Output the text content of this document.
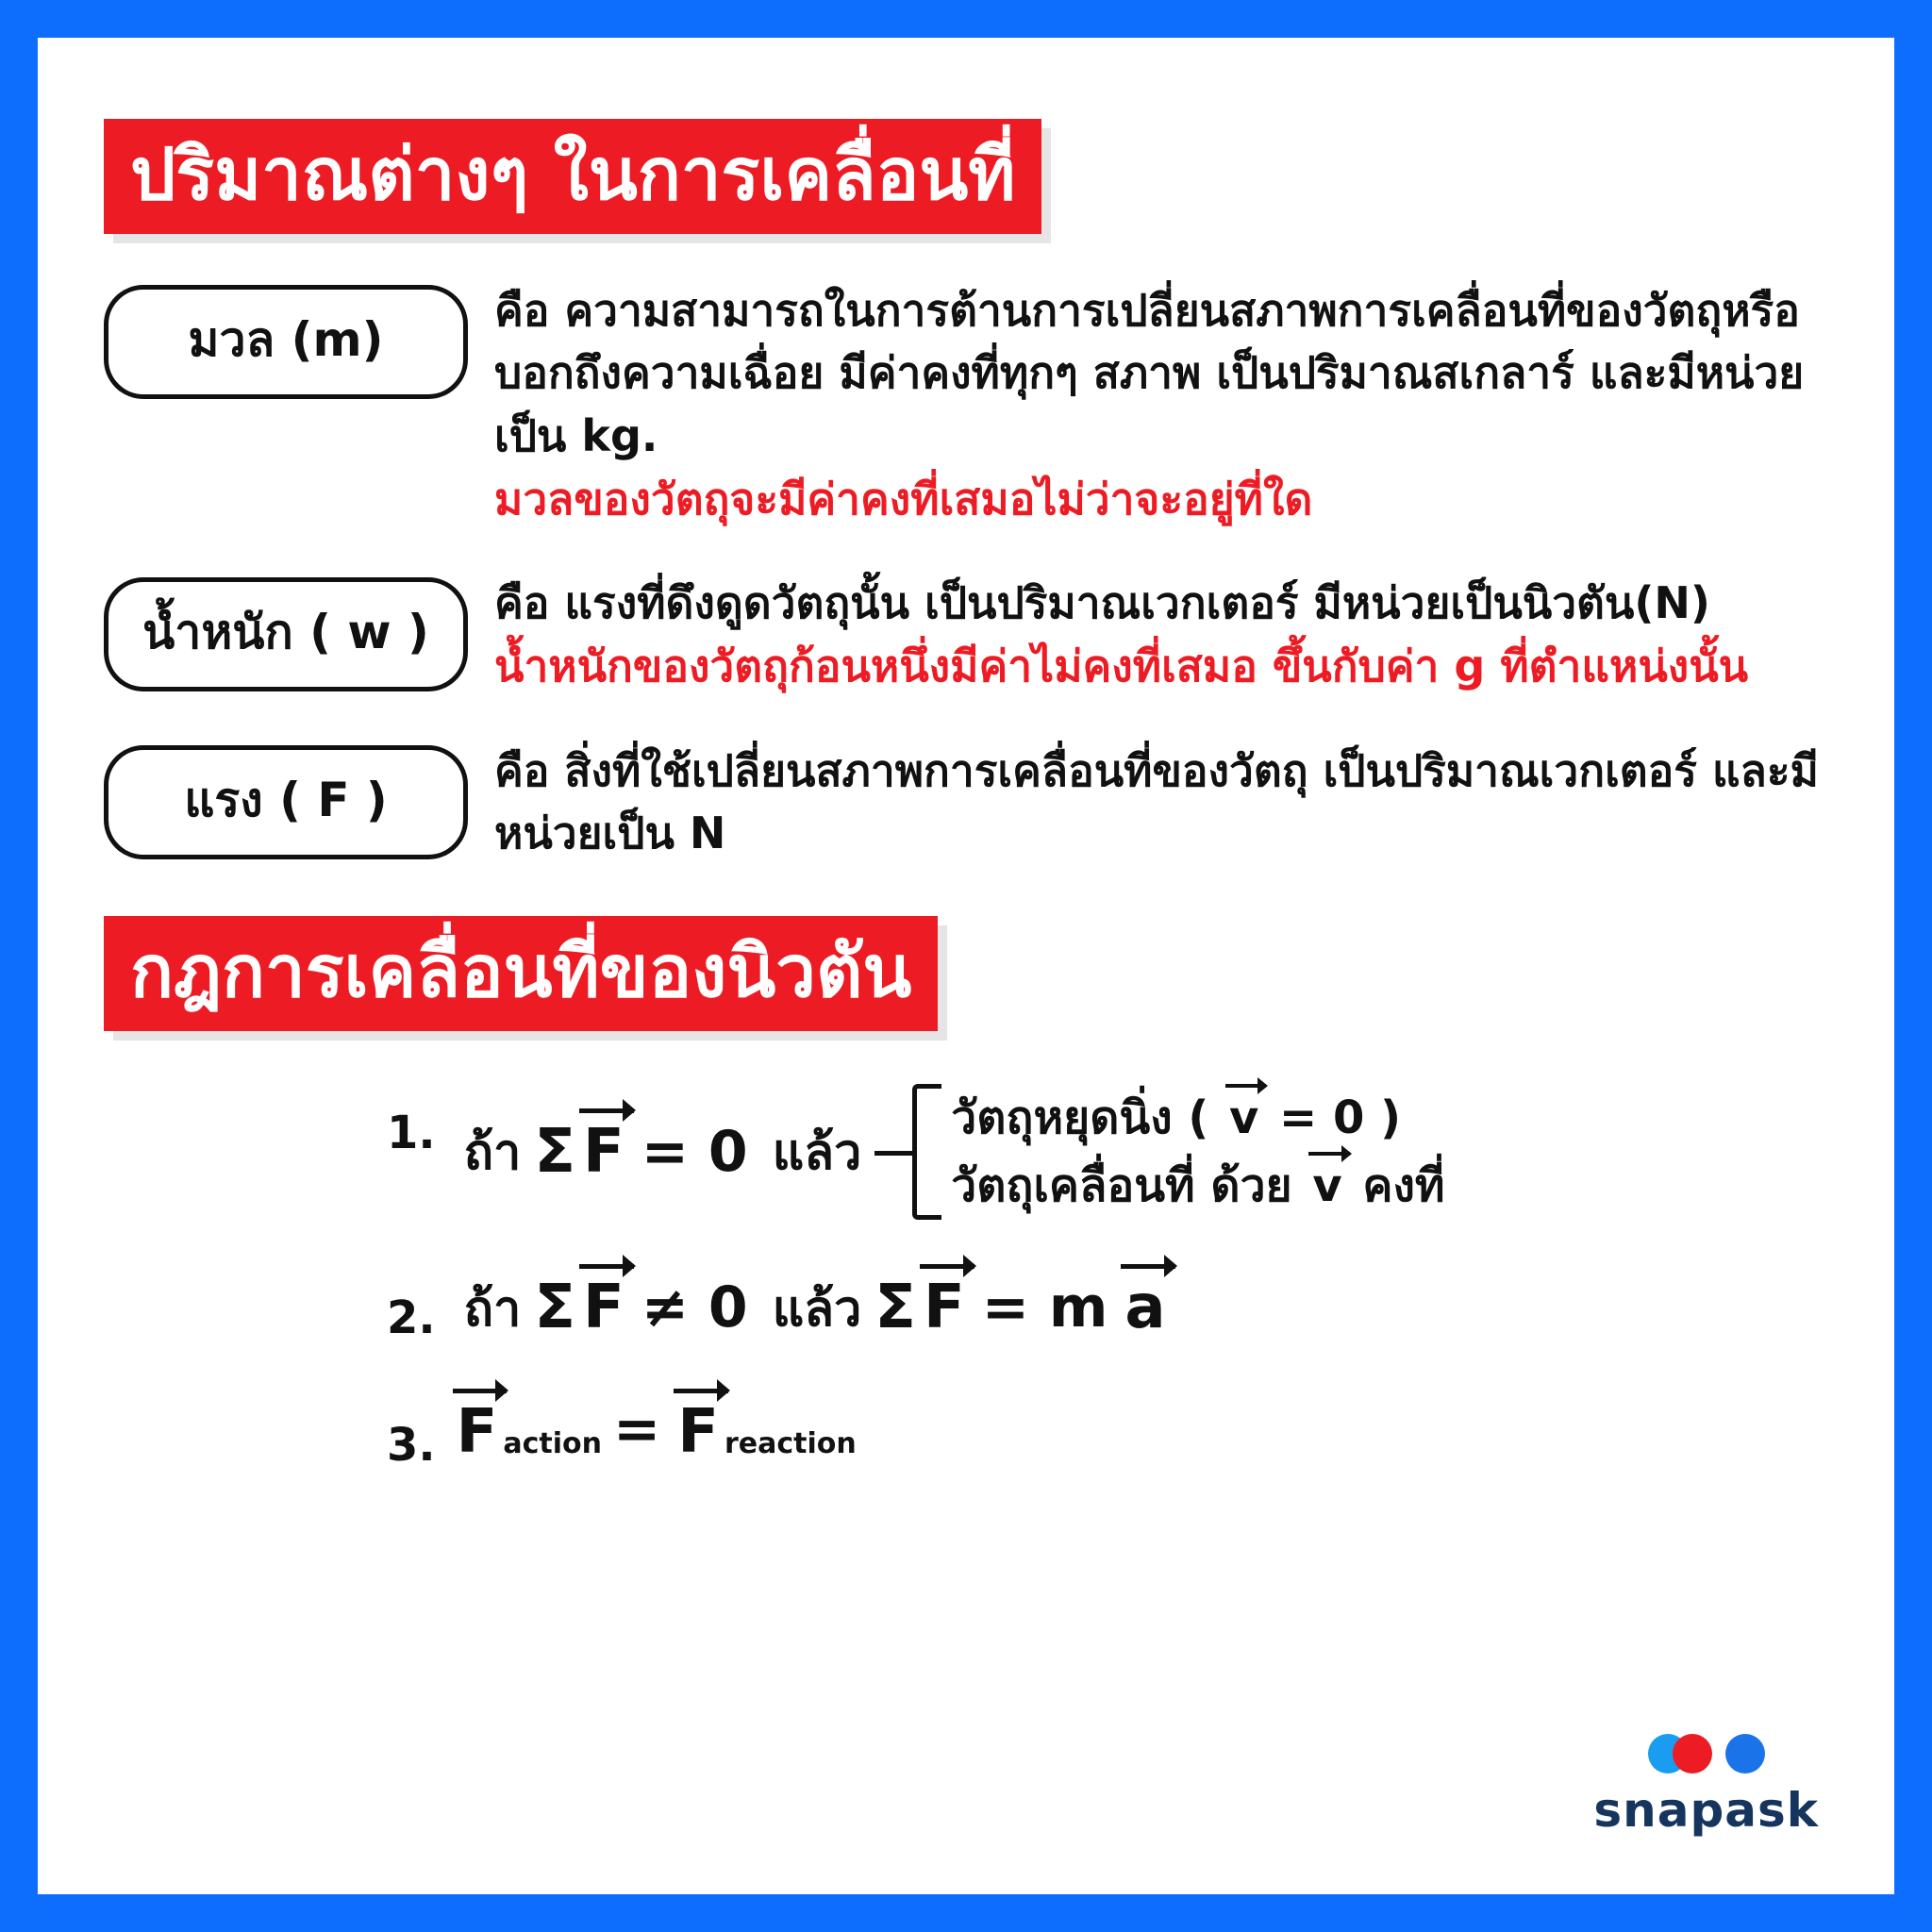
ปริมาณต่างๆ ในการเคลื่อนที่
มวล (m)
คือ ความสามารถในการต้านการเปลี่ยนสภาพการเคลื่อนที่ของวัตถุหรือบอกถึงความเฉื่อย มีค่าคงที่ทุกๆ สภาพ เป็นปริมาณสเกลาร์ และมีหน่วยเป็น kg.
มวลของวัตถุจะมีค่าคงที่เสมอไม่ว่าจะอยู่ที่ใด
น้ำหนัก ( w )
คือ แรงที่ดึงดูดวัตถุนั้น เป็นปริมาณเวกเตอร์ มีหน่วยเป็นนิวตัน(N)
น้ำหนักของวัตถุก้อนหนึ่งมีค่าไม่คงที่เสมอ ขึ้นกับค่า g ที่ตำแหน่งนั้น
แรง ( F )
คือ สิ่งที่ใช้เปลี่ยนสภาพการเคลื่อนที่ของวัตถุ เป็นปริมาณเวกเตอร์ และมีหน่วยเป็น N
กฎการเคลื่อนที่ของนิวตัน
1. ถ้า Σ F = 0 แล้ว
วัตถุหยุดนิ่ง ( v = 0 )
วัตถุเคลื่อนที่ ด้วย v คงที่
2. ถ้า Σ F ≠ 0 แล้ว Σ F = m a
3. F action = F reaction
snapask
